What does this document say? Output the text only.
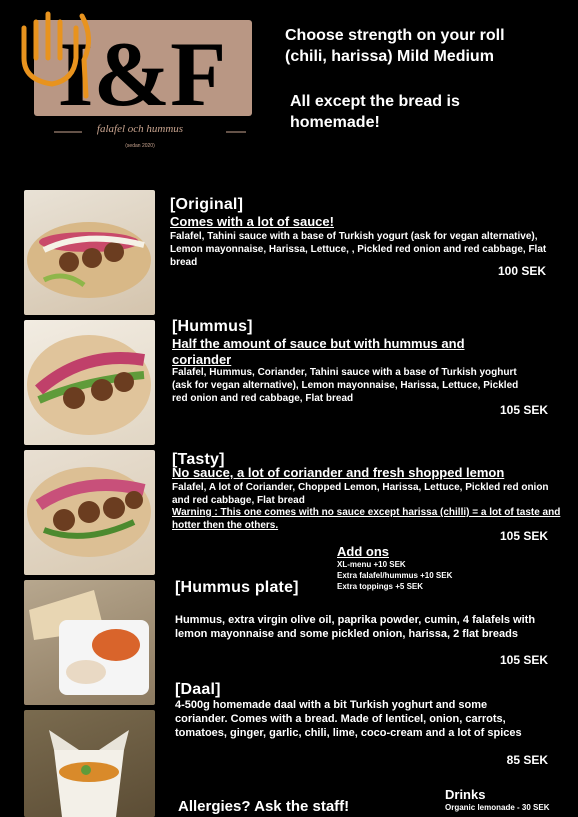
I&F
falafel och hummus
(sedan 2020)
Choose strength on your roll
(chili, harissa) Mild Medium
All except the bread is
homemade!
[Original]
Comes with a lot of sauce!
Falafel, Tahini sauce with a base of Turkish yogurt (ask for vegan alternative), Lemon mayonnaise, Harissa, Lettuce, , Pickled red onion and red cabbage, Flat bread
100 SEK
[Hummus]
Half the amount of sauce but with hummus and coriander
Falafel, Hummus, Coriander, Tahini sauce with a base of Turkish yoghurt (ask for vegan alternative), Lemon mayonnaise, Harissa, Lettuce, Pickled red onion and red cabbage, Flat bread
105 SEK
[Tasty]
No sauce, a lot of coriander and fresh shopped lemon
Falafel, A lot of Coriander, Chopped Lemon, Harissa, Lettuce, Pickled red onion and red cabbage, Flat bread
Warning : This one comes with no sauce except harissa (chilli) = a lot of taste and hotter then the others.
105 SEK
Add ons
XL-menu +10 SEK
Extra falafel/hummus +10 SEK
Extra toppings +5 SEK
[Hummus plate]
Hummus, extra virgin olive oil, paprika powder, cumin, 4 falafels with lemon mayonnaise and some pickled onion, harissa, 2 flat breads
105 SEK
[Daal]
4-500g homemade daal with a bit Turkish yoghurt and some coriander. Comes with a bread. Made of lenticel, onion, carrots, tomatoes, ginger, garlic, chili, lime, coco-cream and a lot of spices
85 SEK
Allergies? Ask the staff!
Drinks
Organic lemonade - 30 SEK
